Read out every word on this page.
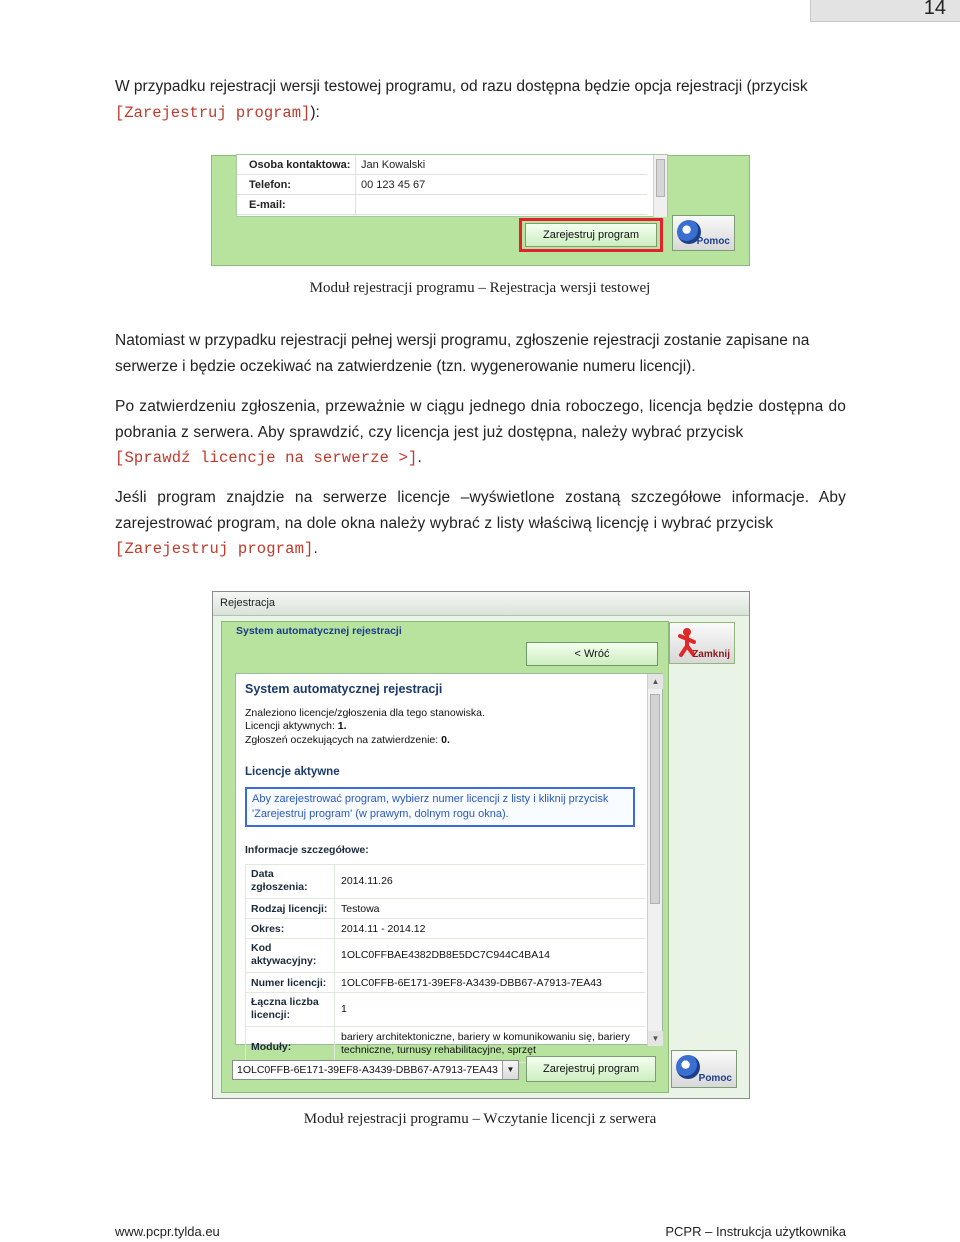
14
W przypadku rejestracji wersji testowej programu, od razu dostępna będzie opcja rejestracji (przycisk
[Zarejestruj program]):
Osoba kontaktowa: Jan Kowalski
Telefon:	00 123 45 67
E-mail:
Zarejestruj program
Pomoc
Moduł rejestracji programu – Rejestracja wersji testowej
Natomiast w przypadku rejestracji pełnej wersji programu, zgłoszenie rejestracji zostanie zapisane na
serwerze i będzie oczekiwać na zatwierdzenie (tzn. wygenerowanie numeru licencji).
Po zatwierdzeniu zgłoszenia, przeważnie w ciągu jednego dnia roboczego, licencja będzie dostępna do pobrania z serwera. Aby sprawdzić, czy licencja jest już dostępna, należy wybrać przycisk
[Sprawdź licencje na serwerze >].
Jeśli program znajdzie na serwerze licencje –wyświetlone zostaną szczegółowe informacje. Aby zarejestrować program, na dole okna należy wybrać z listy właściwą licencję i wybrać przycisk
[Zarejestruj program].
Rejestracja
System automatycznej rejestracji
< Wróć
System automatycznej rejestracji
Znaleziono licencje/zgłoszenia dla tego stanowiska.
Licencji aktywnych: 1.
Zgłoszeń oczekujących na zatwierdzenie: 0.
Licencje aktywne
Aby zarejestrować program, wybierz numer licencji z listy i kliknij przycisk 'Zarejestruj program' (w prawym, dolnym rogu okna).
Informacje szczegółowe:
Data zgłoszenia:	2014.11.26
Rodzaj licencji: Testowa
Okres:	2014.11 - 2014.12
Kod aktywacyjny:	1OLC0FFBAE4382DB8E5DC7C944C4BA14
Numer licencji: 1OLC0FFB-6E171-39EF8-A3439-DBB67-A7913-7EA43
Łączna liczba licencji:	1
Moduły:
bariery architektoniczne, bariery w komunikowaniu się, bariery techniczne, turnusy rehabilitacyjne, sprzęt
▲
▼
1OLC0FFB-6E171-39EF8-A3439-DBB67-A7913-7EA43	▼	Zarejestruj program
Pomoc
Zamknij
Moduł rejestracji programu – Wczytanie licencji z serwera
www.pcpr.tylda.eu	PCPR – Instrukcja użytkownika
